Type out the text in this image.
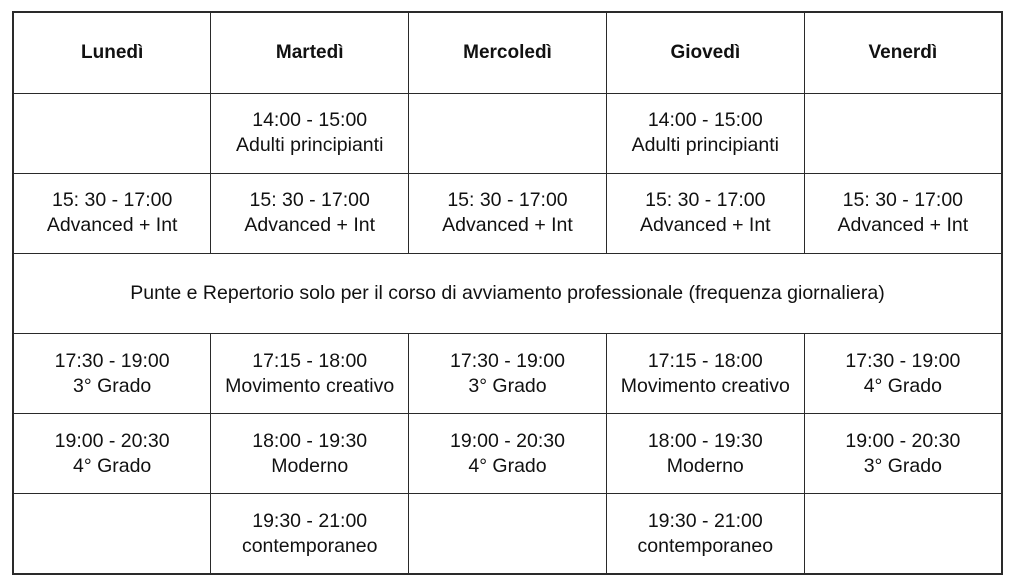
Lunedì	Martedì	Mercoledì	Giovedì	Venerdì

	14:00 - 15:00
Adulti principianti		14:00 - 15:00
Adulti principianti	

15: 30 - 17:00
Advanced + Int	15: 30 - 17:00
Advanced + Int	15: 30 - 17:00
Advanced + Int	15: 30 - 17:00
Advanced + Int	15: 30 - 17:00
Advanced + Int

Punte e Repertorio solo per il corso di avviamento professionale (frequenza giornaliera)				

17:30 - 19:00
3° Grado	17:15 - 18:00
Movimento creativo	17:30 - 19:00
3° Grado	17:15 - 18:00
Movimento creativo	17:30 - 19:00
4° Grado

19:00 - 20:30
4° Grado	18:00 - 19:30
Moderno	19:00 - 20:30
4° Grado	18:00 - 19:30
Moderno	19:00 - 20:30
3° Grado

	19:30 - 21:00
contemporaneo		19:30 - 21:00
contemporaneo	
